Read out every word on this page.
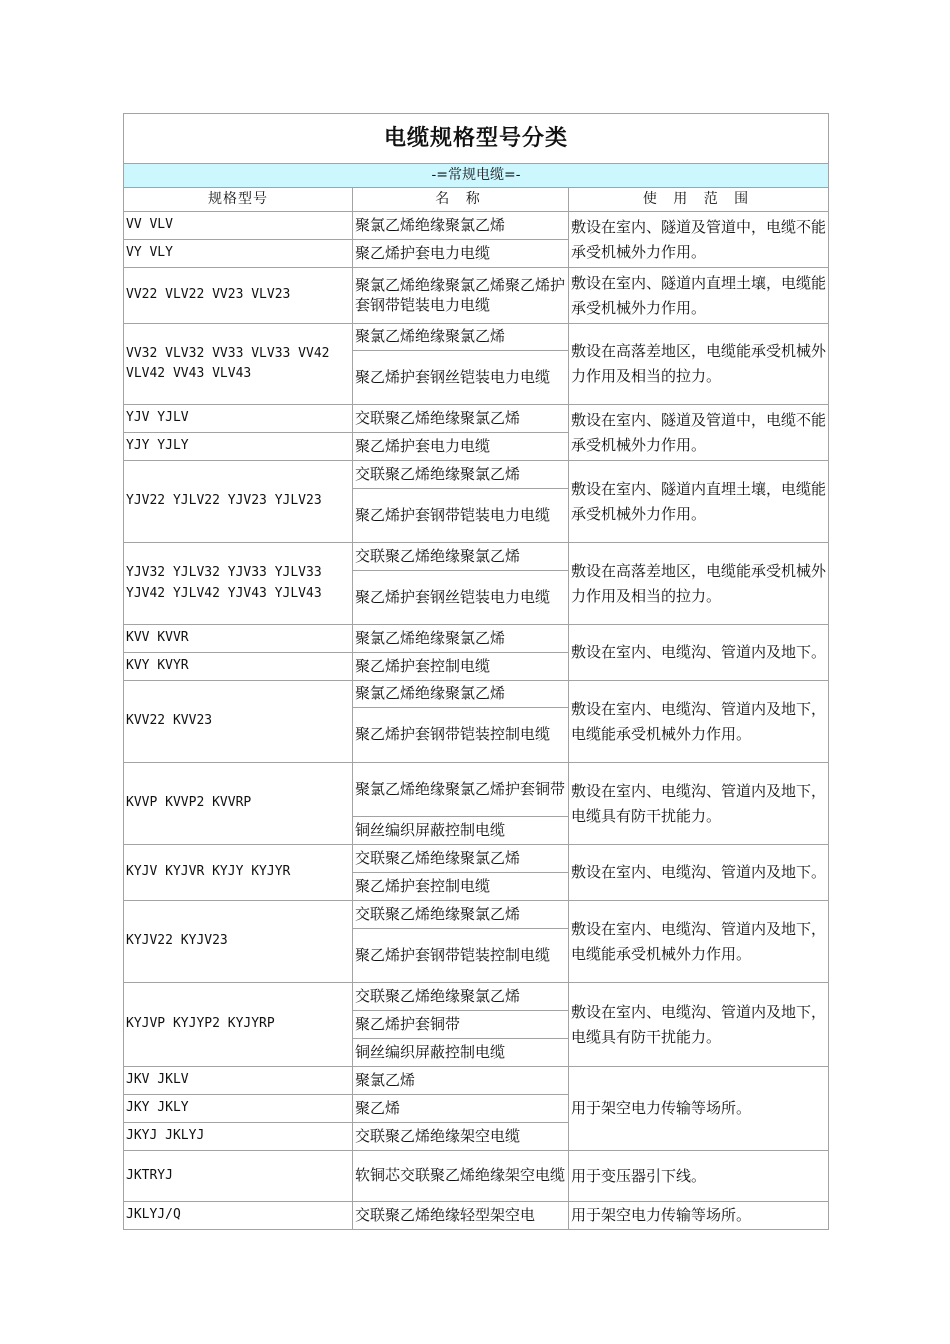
电缆规格型号分类		
-=常规电缆=-		
规格型号	名 称	使 用 范 围
VV VLV	聚氯乙烯绝缘聚氯乙烯	敷设在室内、隧道及管道中，电缆不能承受机械外力作用。
VY VLY	聚乙烯护套电力电缆	
VV22 VLV22 VV23 VLV23	聚氯乙烯绝缘聚氯乙烯聚乙烯护套钢带铠装电力电缆	敷设在室内、隧道内直埋土壤，电缆能承受机械外力作用。
VV32 VLV32 VV33 VLV33 VV42 VLV42 VV43 VLV43	聚氯乙烯绝缘聚氯乙烯	敷设在高落差地区，电缆能承受机械外力作用及相当的拉力。
	聚乙烯护套钢丝铠装电力电缆	
YJV YJLV	交联聚乙烯绝缘聚氯乙烯	敷设在室内、隧道及管道中，电缆不能承受机械外力作用。
YJY YJLY	聚乙烯护套电力电缆	
YJV22 YJLV22 YJV23 YJLV23	交联聚乙烯绝缘聚氯乙烯	敷设在室内、隧道内直埋土壤，电缆能承受机械外力作用。
	聚乙烯护套钢带铠装电力电缆	
YJV32 YJLV32 YJV33 YJLV33 YJV42 YJLV42 YJV43 YJLV43	交联聚乙烯绝缘聚氯乙烯	敷设在高落差地区，电缆能承受机械外力作用及相当的拉力。
	聚乙烯护套钢丝铠装电力电缆	
KVV KVVR	聚氯乙烯绝缘聚氯乙烯	敷设在室内、电缆沟、管道内及地下。
KVY KVYR	聚乙烯护套控制电缆	
KVV22 KVV23	聚氯乙烯绝缘聚氯乙烯	敷设在室内、电缆沟、管道内及地下，电缆能承受机械外力作用。
	聚乙烯护套钢带铠装控制电缆	
KVVP KVVP2 KVVRP	聚氯乙烯绝缘聚氯乙烯护套铜带	敷设在室内、电缆沟、管道内及地下，电缆具有防干扰能力。
	铜丝编织屏蔽控制电缆	
KYJV KYJVR KYJY KYJYR	交联聚乙烯绝缘聚氯乙烯	敷设在室内、电缆沟、管道内及地下。
	聚乙烯护套控制电缆	
KYJV22 KYJV23	交联聚乙烯绝缘聚氯乙烯	敷设在室内、电缆沟、管道内及地下，电缆能承受机械外力作用。
	聚乙烯护套钢带铠装控制电缆	
KYJVP KYJYP2 KYJYRP	交联聚乙烯绝缘聚氯乙烯	敷设在室内、电缆沟、管道内及地下，电缆具有防干扰能力。
	聚乙烯护套铜带	
	铜丝编织屏蔽控制电缆	
JKV JKLV	聚氯乙烯	用于架空电力传输等场所。
JKY JKLY	聚乙烯	
JKYJ JKLYJ	交联聚乙烯绝缘架空电缆	
JKTRYJ	软铜芯交联聚乙烯绝缘架空电缆	用于变压器引下线。
JKLYJ/Q	交联聚乙烯绝缘轻型架空电	用于架空电力传输等场所。
